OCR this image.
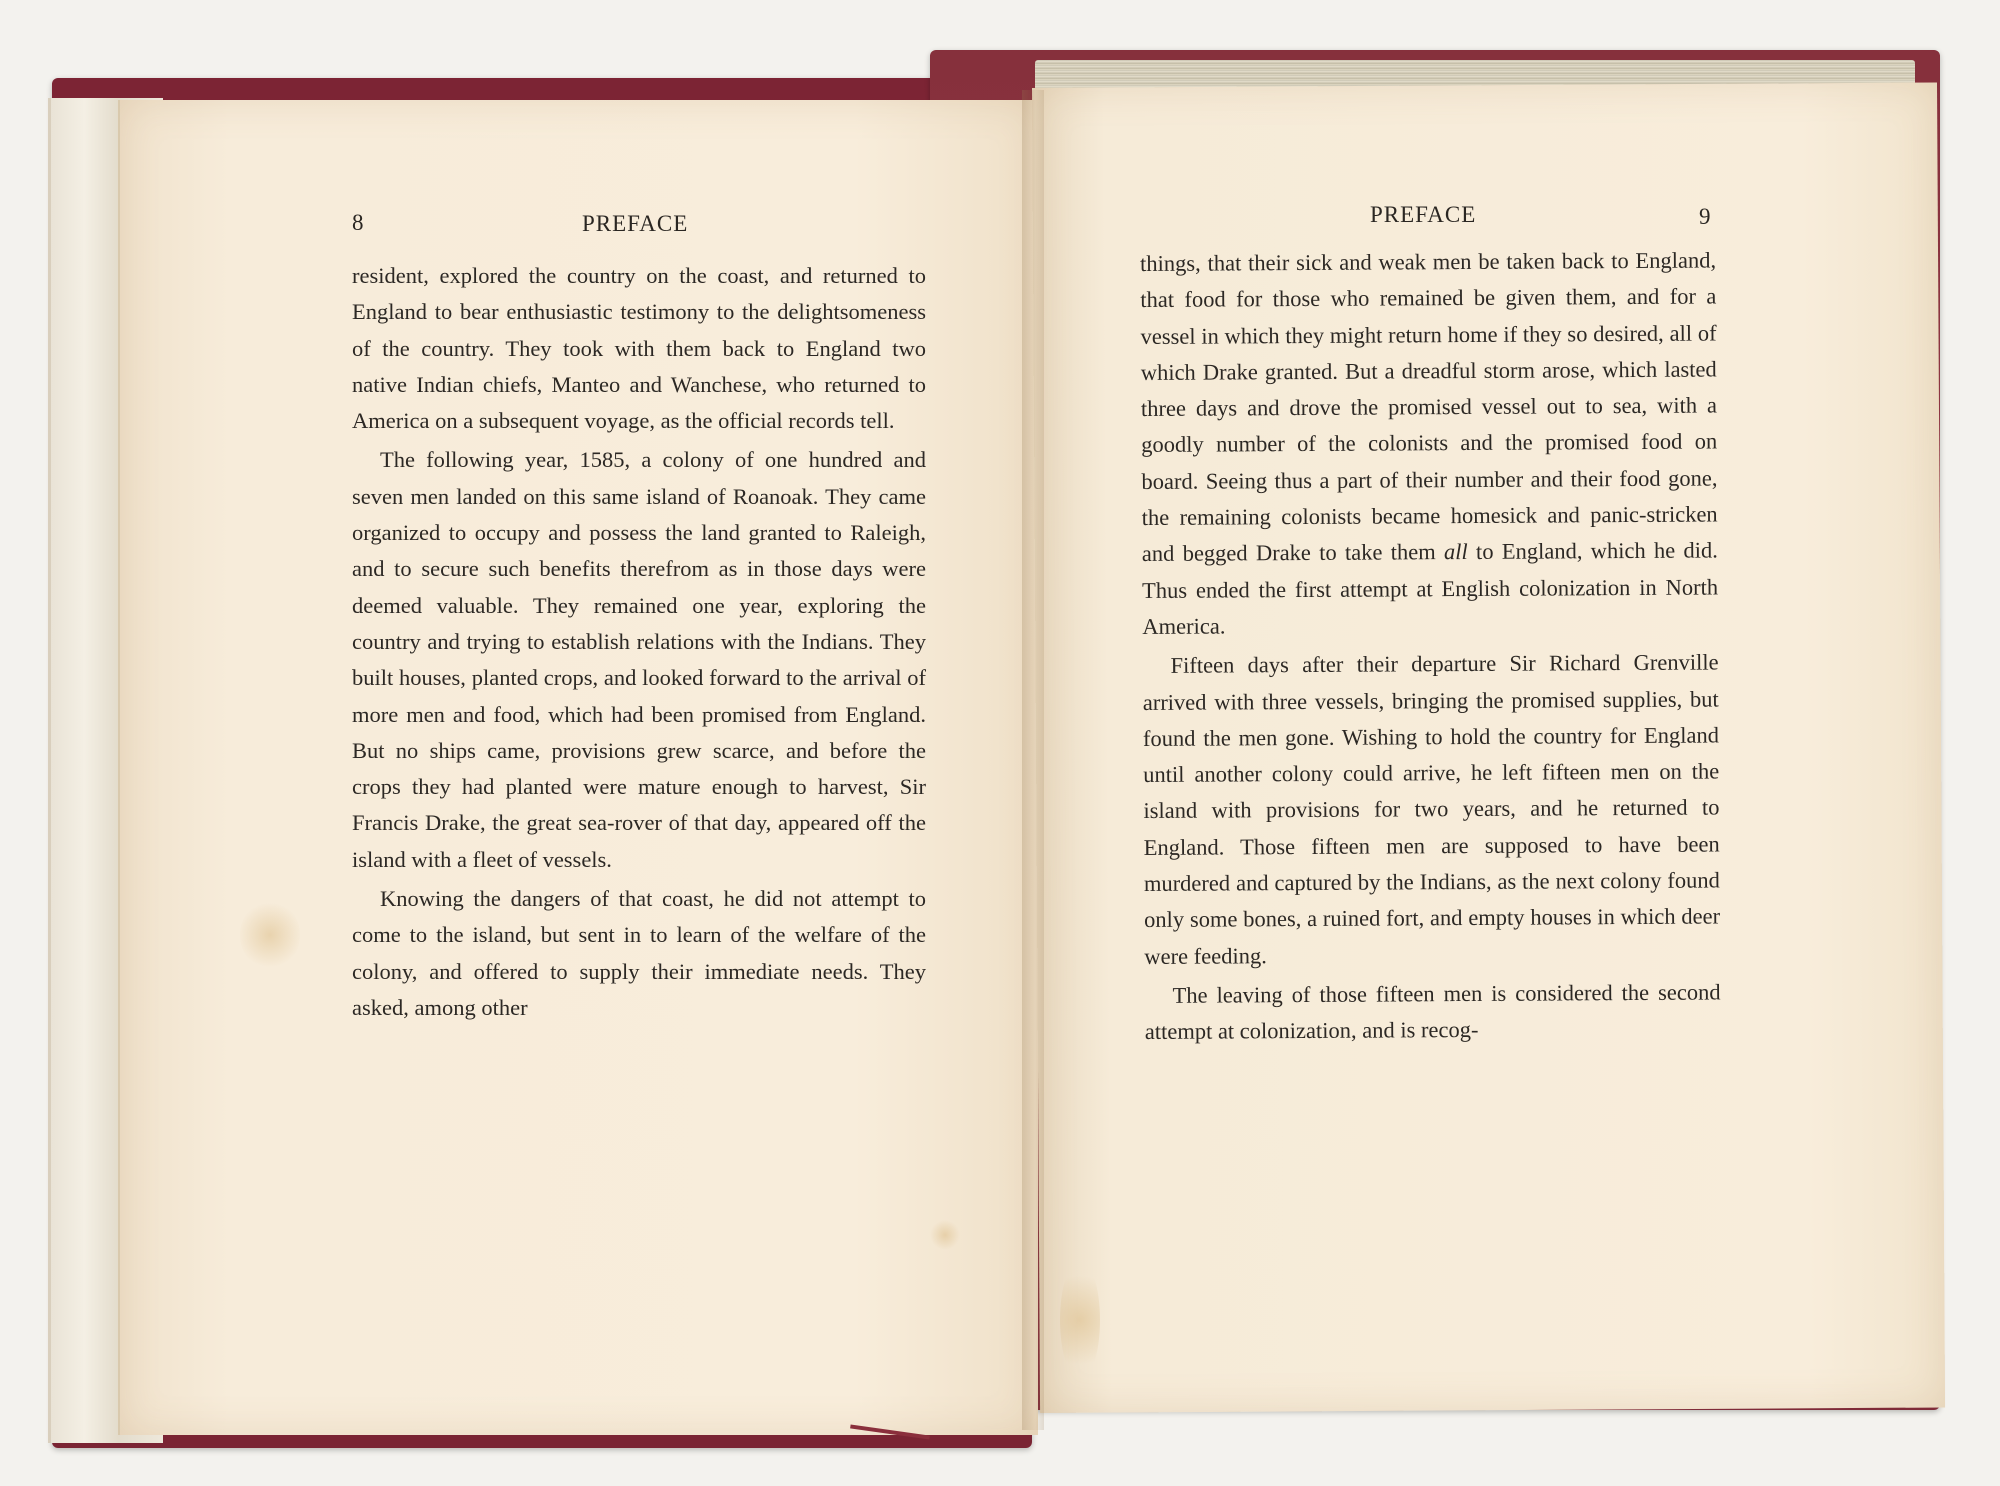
8	PREFACE	PREFACE	9

resident, explored the country on the coast, and returned to England to bear enthusiastic testimony to the delightsomeness of the country. They took with them back to England two native Indian chiefs, Manteo and Wanchese, who returned to America on a subsequent voyage, as the official records tell.

The following year, 1585, a colony of one hundred and seven men landed on this same island of Roanoak. They came organized to occupy and possess the land granted to Raleigh, and to secure such benefits therefrom as in those days were deemed valuable. They remained one year, exploring the country and trying to establish relations with the Indians. They built houses, planted crops, and looked forward to the arrival of more men and food, which had been promised from England. But no ships came, provisions grew scarce, and before the crops they had planted were mature enough to harvest, Sir Francis Drake, the great sea-rover of that day, appeared off the island with a fleet of vessels.

Knowing the dangers of that coast, he did not attempt to come to the island, but sent in to learn of the welfare of the colony, and offered to supply their immediate needs. They asked, among other

things, that their sick and weak men be taken back to England, that food for those who remained be given them, and for a vessel in which they might return home if they so desired, all of which Drake granted. But a dreadful storm arose, which lasted three days and drove the promised vessel out to sea, with a goodly number of the colonists and the promised food on board. Seeing thus a part of their number and their food gone, the remaining colonists became homesick and panic-stricken and begged Drake to take them all to England, which he did. Thus ended the first attempt at English colonization in North America.

Fifteen days after their departure Sir Richard Grenville arrived with three vessels, bringing the promised supplies, but found the men gone. Wishing to hold the country for England until another colony could arrive, he left fifteen men on the island with provisions for two years, and he returned to England. Those fifteen men are supposed to have been murdered and captured by the Indians, as the next colony found only some bones, a ruined fort, and empty houses in which deer were feeding.

The leaving of those fifteen men is considered the second attempt at colonization, and is recog-
